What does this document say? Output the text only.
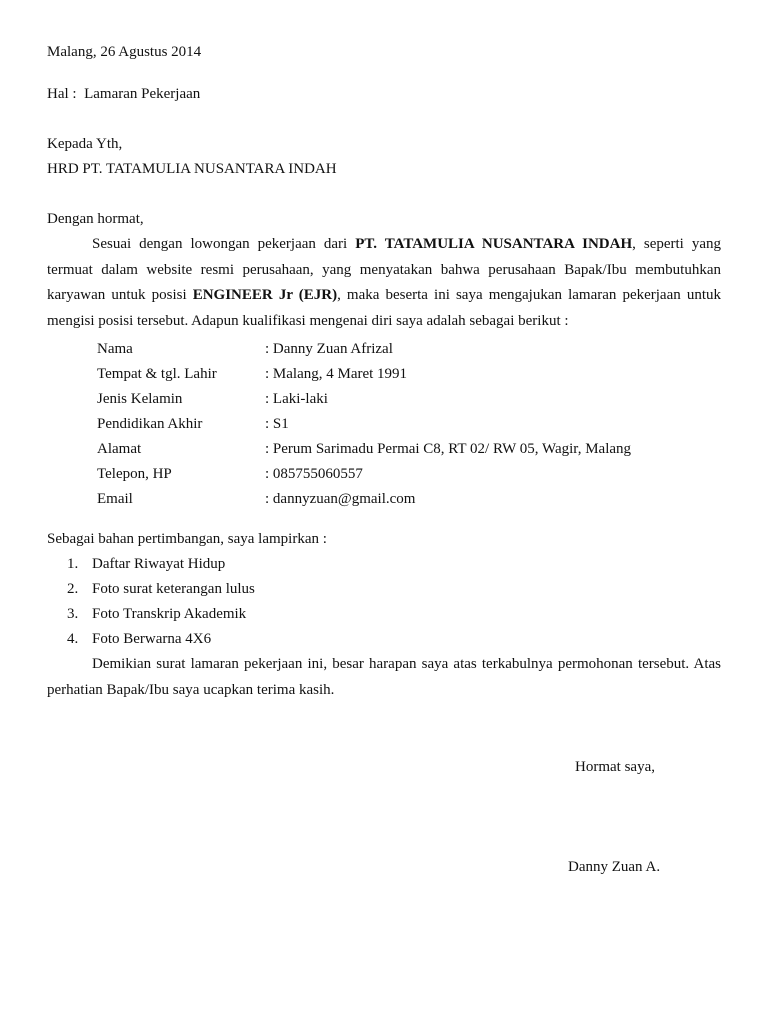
Malang, 26 Agustus 2014
Hal :  Lamaran Pekerjaan
Kepada Yth,
HRD PT. TATAMULIA NUSANTARA INDAH
Dengan hormat,
Sesuai dengan lowongan pekerjaan dari PT. TATAMULIA NUSANTARA INDAH, seperti yang termuat dalam website resmi perusahaan, yang menyatakan bahwa perusahaan Bapak/Ibu membutuhkan karyawan untuk posisi ENGINEER Jr (EJR), maka beserta ini saya mengajukan lamaran pekerjaan untuk mengisi posisi tersebut. Adapun kualifikasi mengenai diri saya adalah sebagai berikut :
Nama	: Danny Zuan Afrizal
Tempat & tgl. Lahir	: Malang, 4 Maret 1991
Jenis Kelamin	: Laki-laki
Pendidikan Akhir	: S1
Alamat	: Perum Sarimadu Permai C8, RT 02/ RW 05, Wagir, Malang
Telepon, HP	: 085755060557
Email	: dannyzuan@gmail.com
Sebagai bahan pertimbangan, saya lampirkan :
1. Daftar Riwayat Hidup
2. Foto surat keterangan lulus
3. Foto Transkrip Akademik
4. Foto Berwarna 4X6
Demikian surat lamaran pekerjaan ini, besar harapan saya atas terkabulnya permohonan tersebut. Atas perhatian Bapak/Ibu saya ucapkan terima kasih.
Hormat saya,
Danny Zuan A.
